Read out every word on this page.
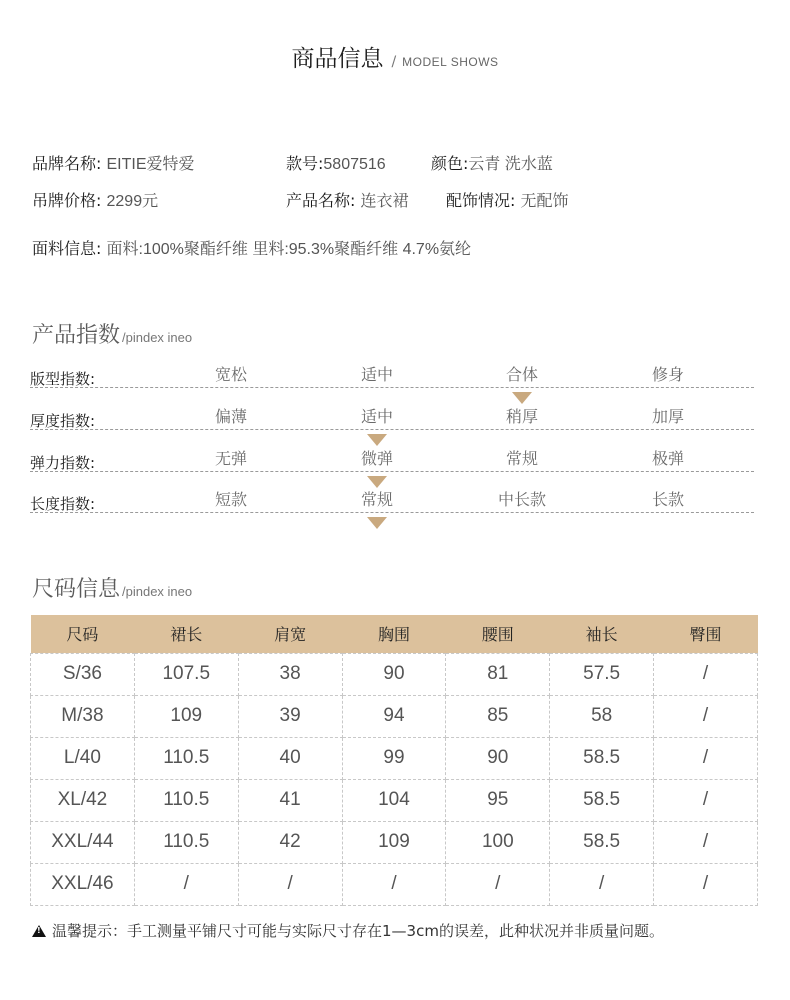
商品信息 / MODEL SHOWS
品牌名称: EITIE爱特爱	款号:5807516	颜色:云青 洗水蓝
吊牌价格: 2299元	产品名称: 连衣裙 配饰情况: 无配饰
面料信息: 面料:100%聚酯纤维 里料:95.3%聚酯纤维 4.7%氨纶
产品指数 /pindex ineo
版型指数:	宽松	适中	合体	修身
厚度指数:	偏薄	适中	稍厚	加厚
弹力指数:	无弹	微弹	常规	极弹
长度指数:	短款	常规	中长款	长款
尺码信息 /pindex ineo
尺码	裙长	肩宽	胸围	腰围	袖长	臀围
S/36	107.5	38	90	81	57.5	/
M/38	109	39	94	85	58	/
L/40	110.5	40	99	90	58.5	/
XL/42	110.5	41	104	95	58.5	/
XXL/44	110.5	42	109	100	58.5	/
XXL/46	/	/	/	/	/	/
!温馨提示：手工测量平铺尺寸可能与实际尺寸存在1—3cm的误差，此种状况并非质量问题。
